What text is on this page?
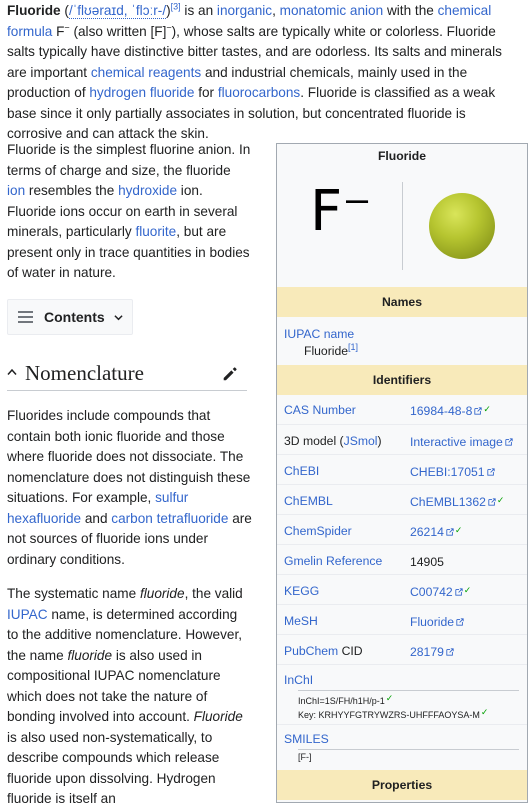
Fluoride (/ˈflʊəraɪd, ˈflɔːr-/)[3] is an inorganic, monatomic anion with the chemical formula F− (also written [F]−), whose salts are typically white or colorless. Fluoride salts typically have distinctive bitter tastes, and are odorless. Its salts and minerals are important chemical reagents and industrial chemicals, mainly used in the production of hydrogen fluoride for fluorocarbons. Fluoride is classified as a weak base since it only partially associates in solution, but concentrated fluoride is corrosive and can attack the skin.

Fluoride is the simplest fluorine anion. In terms of charge and size, the fluoride ion resembles the hydroxide ion. Fluoride ions occur on earth in several minerals, particularly fluorite, but are present only in trace quantities in bodies of water in nature.

Contents
Nomenclature

Fluorides include compounds that contain both ionic fluoride and those where fluoride does not dissociate. The nomenclature does not distinguish these situations. For example, sulfur hexafluoride and carbon tetrafluoride are not sources of fluoride ions under ordinary conditions.

The systematic name fluoride, the valid IUPAC name, is determined according to the additive nomenclature. However, the name fluoride is also used in compositional IUPAC nomenclature which does not take the nature of bonding involved into account. Fluoride is also used non-systematically, to describe compounds which release fluoride upon dissolving. Hydrogen fluoride is itself an

Fluoride
F⁻
Names
IUPAC name
Fluoride[1]
Identifiers
CAS Number	16984-48-8 ✓
3D model (JSmol) Interactive image
ChEBI	CHEBI:17051
ChEMBL	ChEMBL1362 ✓
ChemSpider	26214 ✓
Gmelin Reference 14905
KEGG	C00742 ✓
MeSH	Fluoride
PubChem CID	28179
InChI
InChI=1S/FH/h1H/p-1✓
Key: KRHYYFGTRYWZRS-UHFFFAOYSA-M✓
SMILES
[F-]
Properties
